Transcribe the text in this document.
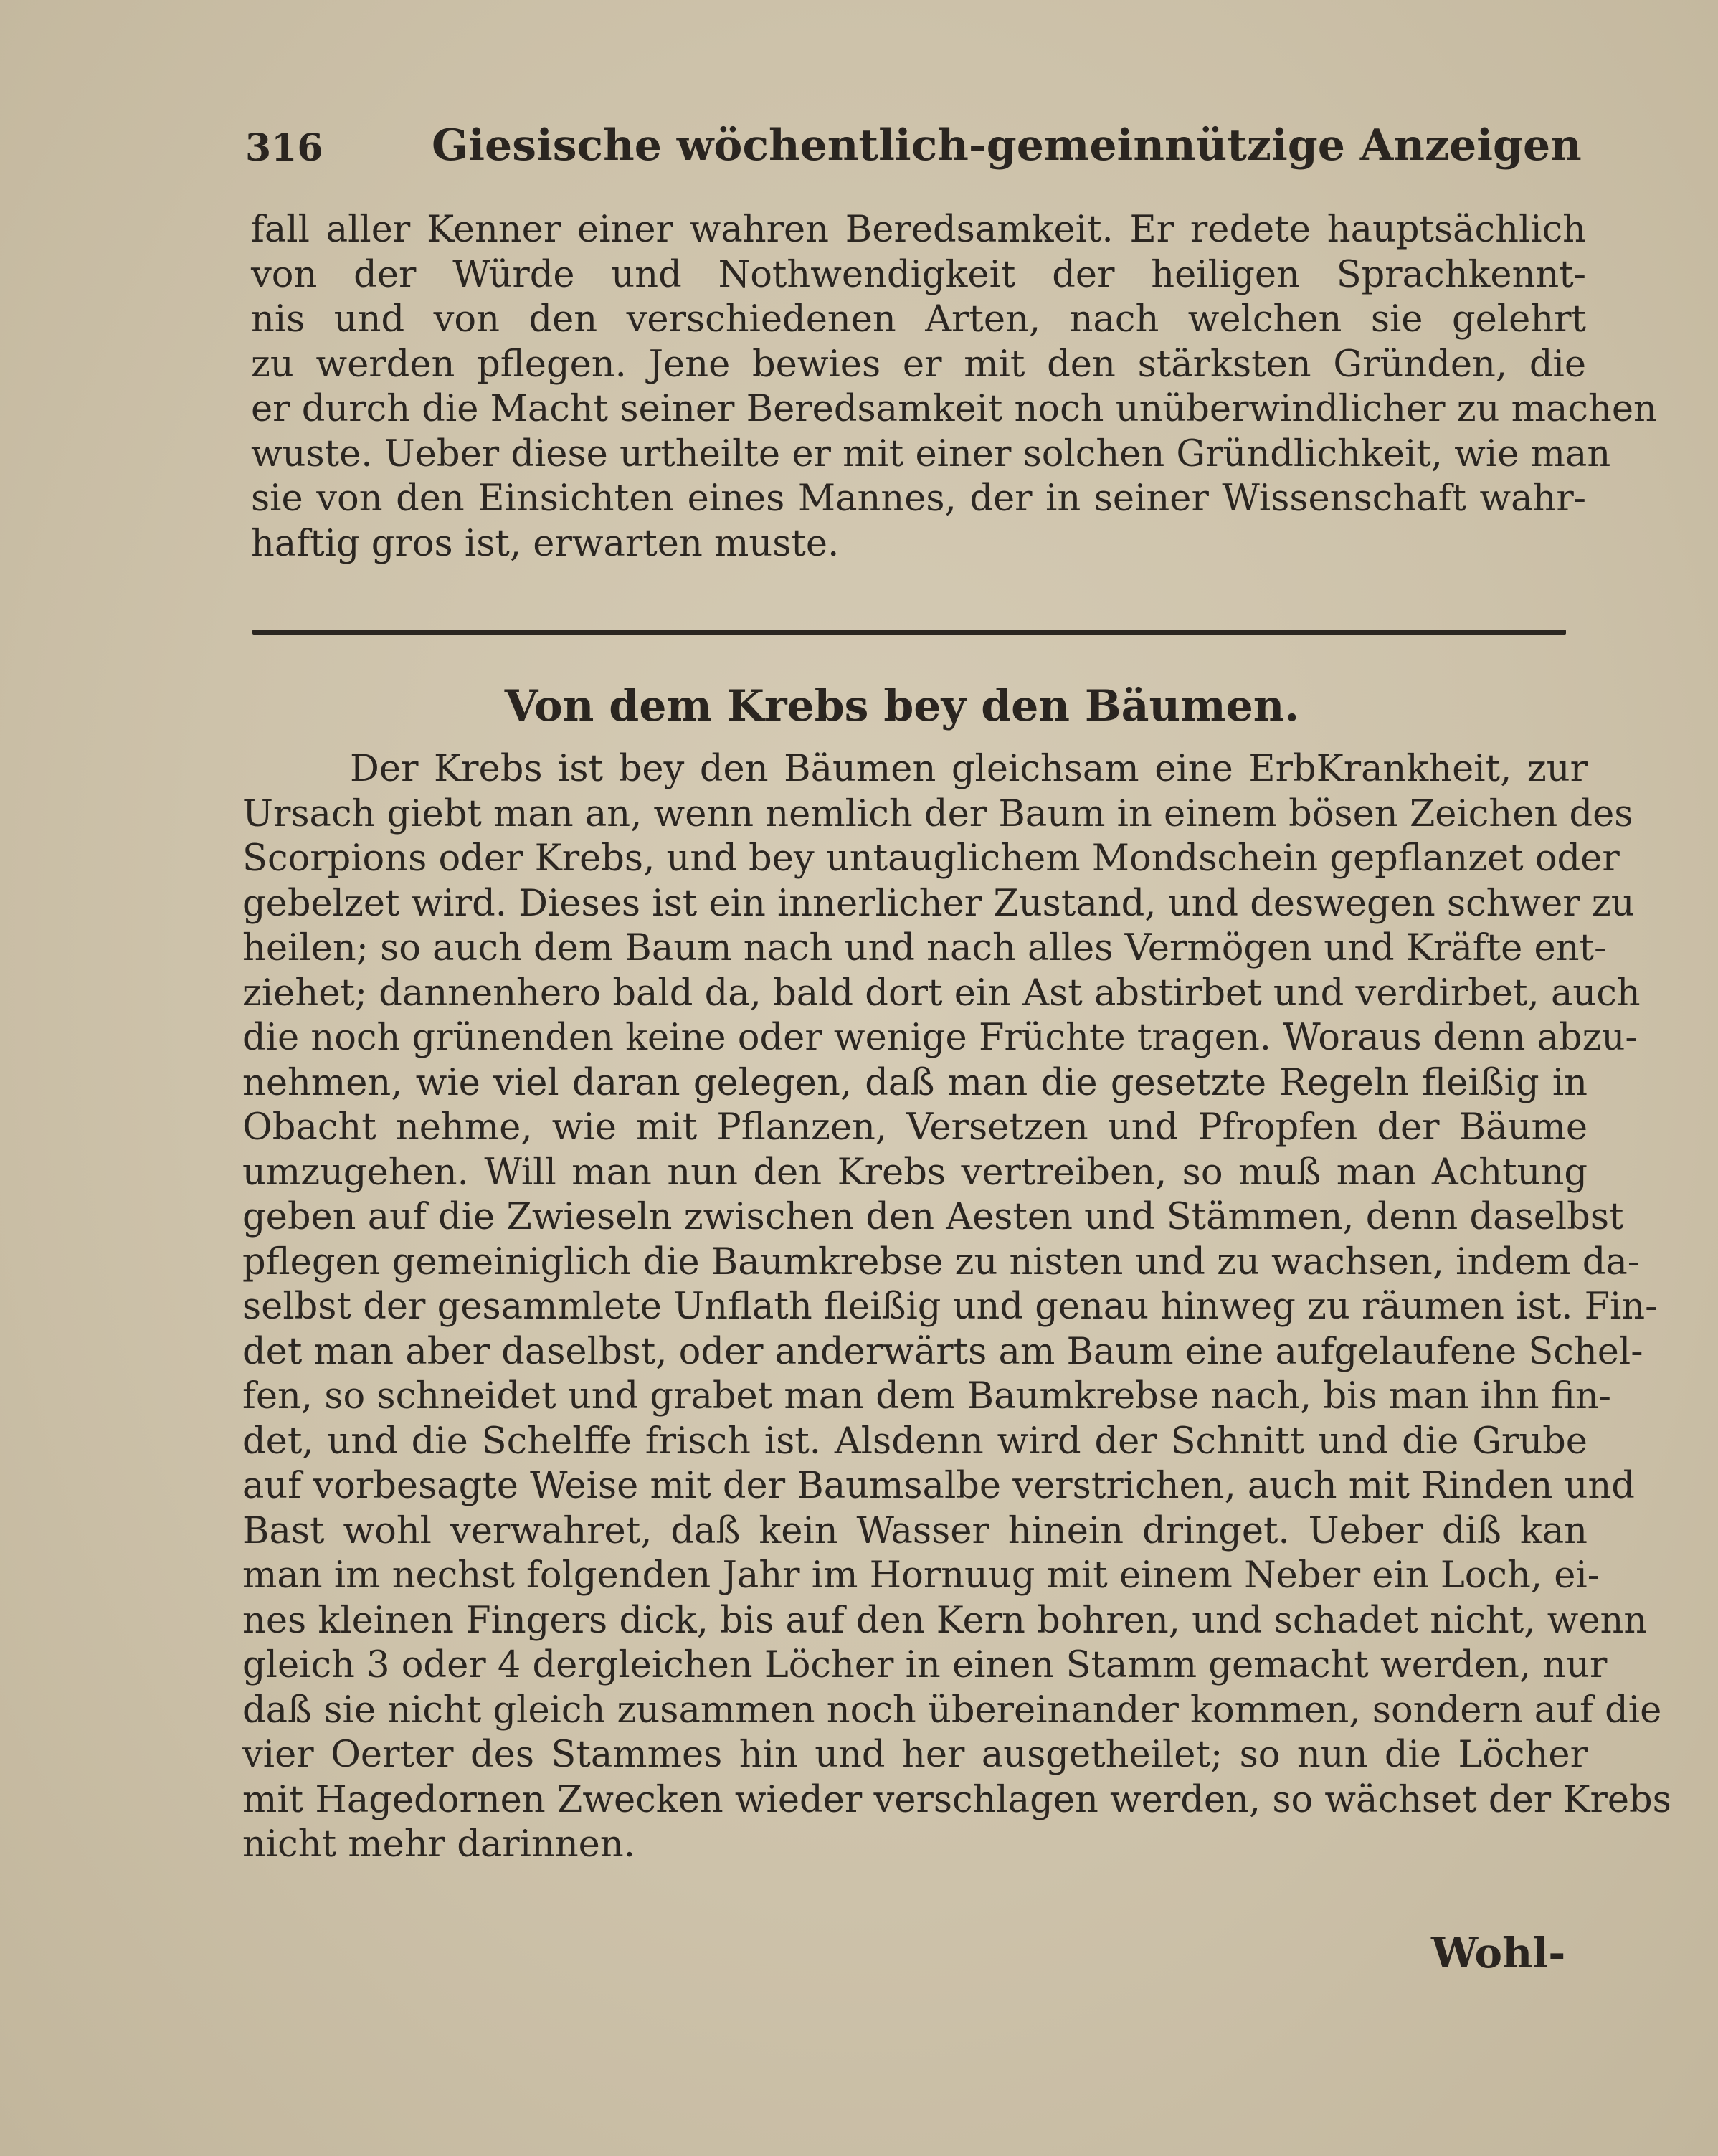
316	Giesische wöchentlich-gemeinnützige Anzeigen
fall aller Kenner einer wahren Beredsamkeit. Er redete hauptsächlich
von der Würde und Nothwendigkeit der heiligen Sprachkennt-
nis und von den verschiedenen Arten, nach welchen sie gelehrt
zu werden pflegen. Jene bewies er mit den stärksten Gründen, die
er durch die Macht seiner Beredsamkeit noch unüberwindlicher zu machen
wuste. Ueber diese urtheilte er mit einer solchen Gründlichkeit, wie man
sie von den Einsichten eines Mannes, der in seiner Wissenschaft wahr-
haftig gros ist, erwarten muste.
Von dem Krebs bey den Bäumen.
Der Krebs ist bey den Bäumen gleichsam eine ErbKrankheit, zur
Ursach giebt man an, wenn nemlich der Baum in einem bösen Zeichen des
Scorpions oder Krebs, und bey untauglichem Mondschein gepflanzet oder
gebelzet wird. Dieses ist ein innerlicher Zustand, und deswegen schwer zu
heilen; so auch dem Baum nach und nach alles Vermögen und Kräfte ent-
ziehet; dannenhero bald da, bald dort ein Ast abstirbet und verdirbet, auch
die noch grünenden keine oder wenige Früchte tragen. Woraus denn abzu-
nehmen, wie viel daran gelegen, daß man die gesetzte Regeln fleißig in
Obacht nehme, wie mit Pflanzen, Versetzen und Pfropfen der Bäume
umzugehen. Will man nun den Krebs vertreiben, so muß man Achtung
geben auf die Zwieseln zwischen den Aesten und Stämmen, denn daselbst
pflegen gemeiniglich die Baumkrebse zu nisten und zu wachsen, indem da-
selbst der gesammlete Unflath fleißig und genau hinweg zu räumen ist. Fin-
det man aber daselbst, oder anderwärts am Baum eine aufgelaufene Schel-
fen, so schneidet und grabet man dem Baumkrebse nach, bis man ihn fin-
det, und die Schelffe frisch ist. Alsdenn wird der Schnitt und die Grube
auf vorbesagte Weise mit der Baumsalbe verstrichen, auch mit Rinden und
Bast wohl verwahret, daß kein Wasser hinein dringet. Ueber diß kan
man im nechst folgenden Jahr im Hornuug mit einem Neber ein Loch, ei-
nes kleinen Fingers dick, bis auf den Kern bohren, und schadet nicht, wenn
gleich 3 oder 4 dergleichen Löcher in einen Stamm gemacht werden, nur
daß sie nicht gleich zusammen noch übereinander kommen, sondern auf die
vier Oerter des Stammes hin und her ausgetheilet; so nun die Löcher
mit Hagedornen Zwecken wieder verschlagen werden, so wächset der Krebs
nicht mehr darinnen.
Wohl-
